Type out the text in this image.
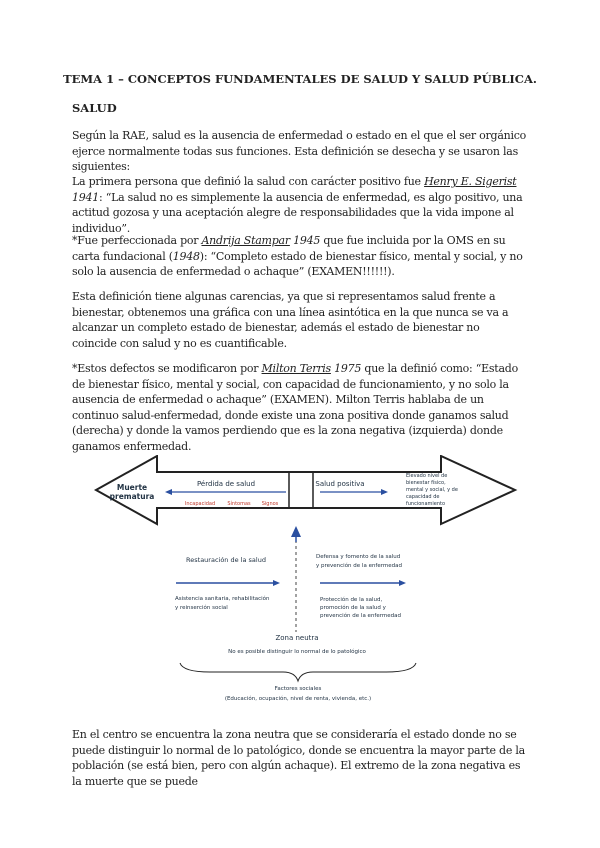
TEMA 1 – CONCEPTOS FUNDAMENTALES DE SALUD Y SALUD PÚBLICA.
SALUD
Según la RAE, salud es la ausencia de enfermedad o estado en el que el ser orgánico ejerce normalmente todas sus funciones. Esta definición se desecha y se usaron las siguientes:
La primera persona que definió la salud con carácter positivo fue Henry E. Sigerist 1941: “La salud no es simplemente la ausencia de enfermedad, es algo positivo, una actitud gozosa y una aceptación alegre de responsabilidades que la vida impone al individuo”.
*Fue perfeccionada por Andrija Stampar 1945 que fue incluida por la OMS en su carta fundacional (1948): “Completo estado de bienestar físico, mental y social, y no solo la ausencia de enfermedad o achaque” (EXAMEN!!!!!!).
Esta definición tiene algunas carencias, ya que si representamos salud frente a bienestar, obtenemos una gráfica con una línea asintótica en la que nunca se va a alcanzar un completo estado de bienestar, además el estado de bienestar no coincide con salud y no es cuantificable.
*Estos defectos se modificaron por Milton Terris 1975 que la definió como: “Estado de bienestar físico, mental y social, con capacidad de funcionamiento, y no solo la ausencia de enfermedad o achaque” (EXAMEN). Milton Terris hablaba de un continuo salud-enfermedad, donde existe una zona positiva donde ganamos salud (derecha) y donde la vamos perdiendo que es la zona negativa (izquierda) donde ganamos enfermedad.
Muerte
prematura
Pérdida de salud
Incapacidad Síntomas Signos
Salud positiva
Elevado nivel de
bienestar físico,
mental y social, y de
capacidad de
funcionamiento
Restauración de la salud
Asistencia sanitaria, rehabilitación
y reinserción social
Defensa y fomento de la salud
y prevención de la enfermedad
Protección de la salud,
promoción de la salud y
prevención de la enfermedad
Zona neutra
No es posible distinguir lo normal de lo patológico
Factores sociales
(Educación, ocupación, nivel de renta, vivienda, etc.)
En el centro se encuentra la zona neutra que se consideraría el estado donde no se puede distinguir lo normal de lo patológico, donde se encuentra la mayor parte de la población (se está bien, pero con algún achaque). El extremo de la zona negativa es la muerte que se puede
